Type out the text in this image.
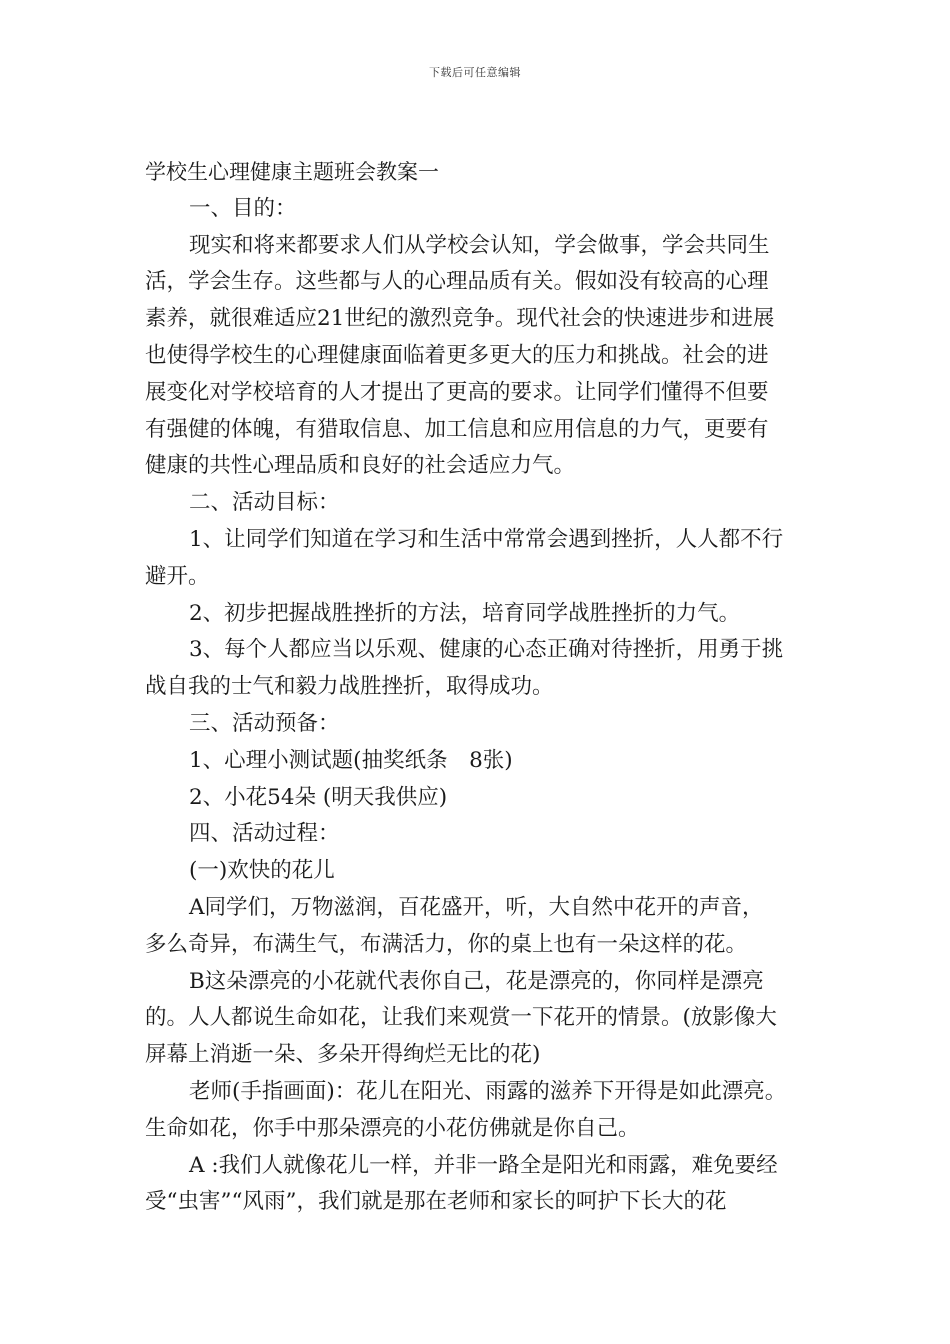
下载后可任意编辑
学校生心理健康主题班会教案一
一、目的：
现实和将来都要求人们从学校会认知，学会做事，学会共同生
活，学会生存。这些都与人的心理品质有关。假如没有较高的心理
素养，就很难适应21世纪的激烈竞争。现代社会的快速进步和进展
也使得学校生的心理健康面临着更多更大的压力和挑战。社会的进
展变化对学校培育的人才提出了更高的要求。让同学们懂得不但要
有强健的体魄，有猎取信息、加工信息和应用信息的力气，更要有
健康的共性心理品质和良好的社会适应力气。
二、活动目标：
1、让同学们知道在学习和生活中常常会遇到挫折，人人都不行
避开。
2、初步把握战胜挫折的方法，培育同学战胜挫折的力气。
3、每个人都应当以乐观、健康的心态正确对待挫折，用勇于挑
战自我的士气和毅力战胜挫折，取得成功。
三、活动预备：
1、心理小测试题(抽奖纸条　8张)
2、小花54朵 (明天我供应)
四、活动过程：
(一)欢快的花儿
A同学们，万物滋润，百花盛开，听，大自然中花开的声音，
多么奇异，布满生气，布满活力，你的桌上也有一朵这样的花。
B这朵漂亮的小花就代表你自己，花是漂亮的，你同样是漂亮
的。人人都说生命如花，让我们来观赏一下花开的情景。(放影像大
屏幕上消逝一朵、多朵开得绚烂无比的花)
老师(手指画面)：花儿在阳光、雨露的滋养下开得是如此漂亮。
生命如花，你手中那朵漂亮的小花仿佛就是你自己。
A :我们人就像花儿一样，并非一路全是阳光和雨露，难免要经
受“虫害”“风雨”，我们就是那在老师和家长的呵护下长大的花
